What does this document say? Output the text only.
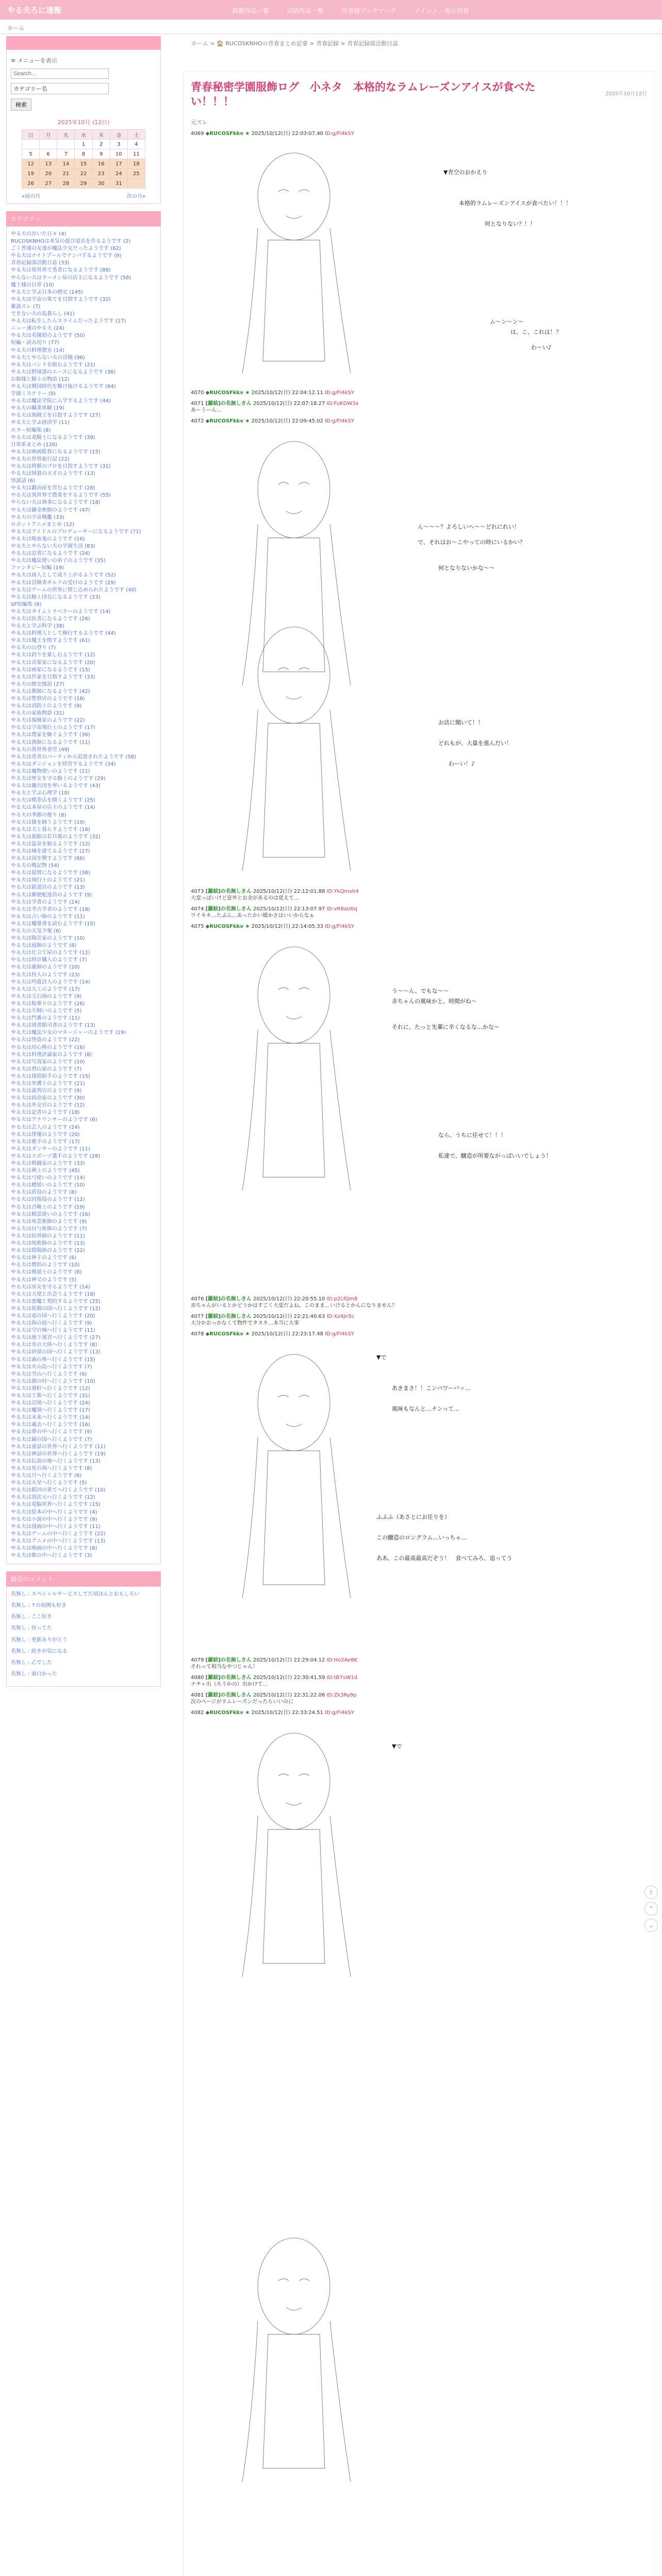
やる夫ろに速報	掲載作品一覧	完結作品一覧	作者様ブックマーク	アイコン・表示切替
ホーム

≡ メニューを表示
Search...
カテゴリー名
検索
2025年10月 (12日)
日	月	火	水	木	金	土
			1	2	3	4
5	6	7	8	9	10	11
12	13	14	15	16	17	18
19	20	21	22	23	24	25
26	27	28	29	30	31	
«前の月	次の月»
カテゴリー
やる夫の歩いた日々 (4)
RUCOSKNHOは本気の遊び道具を作るようです (2)
ごく普通の友達が魔法少女だったようです (62)
やる夫はナイトプールでナンパするようです (9)
青春記録部活動日誌 (33)
やる夫は異世界で勇者になるようです (88)
やらない夫はラーメン屋の店主になるようです (58)
魔王様の日常 (10)
やる夫と学ぶ日本の歴史 (145)
やる夫は宇宙の果てを目指すようです (32)
雑談スレ (7)
できない夫の島暮らし (41)
やる夫は転生したらスライムだったようです (17)
ニュー速のやる夫 (24)
やる夫は名探偵のようです (50)
短編・読み切り (77)
やる夫の料理教室 (14)
やる夫とやらない夫の冒険 (96)
やる夫はバンドを組むようです (21)
やる夫は野球部のエースになるようです (36)
お姫様と騎士の物語 (12)
やる夫は戦国時代を駆け抜けるようです (64)
学園ミステリー (9)
やる夫は魔法学院に入学するようです (44)
やる夫の職業体験 (19)
やる夫は海賊王を目指すようです (27)
やる夫と学ぶ経済学 (11)
ホラー短編集 (8)
やる夫は竜騎士になるようです (39)
日常系まとめ (120)
やる夫は映画監督になるようです (15)
やる夫の世界旅行記 (22)
やる夫は将棋のプロを目指すようです (31)
やる夫は囲碁の天才のようです (13)
怪談話 (6)
やる夫は鍛冶屋を営むようです (28)
やる夫は異世界で農業をするようです (55)
やらない夫は執事になるようです (18)
やる夫は錬金術師のようです (47)
やる夫の宇宙戦艦 (33)
ロボットアニメまとめ (12)
やる夫はアイドルのプロデューサーになるようです (71)
やる夫は吸血鬼のようです (16)
やる夫とやらない夫の学園生活 (83)
やる夫は忍者になるようです (24)
やる夫は魔法使いの弟子のようです (35)
ファンタジー短編 (19)
やる夫は商人として成り上がるようです (52)
やる夫は冒険者ギルドの受付のようです (29)
やる夫はゲームの世界に閉じ込められたようです (40)
やる夫は騎士団長になるようです (23)
SF短編集 (9)
やる夫はタイムトラベラーのようです (14)
やる夫は医者になるようです (26)
やる夫と学ぶ科学 (38)
やる夫は料理人として修行するようです (44)
やる夫は魔王を倒すようです (61)
やる夫の山登り (7)
やる夫は釣りを楽しむようです (12)
やる夫は音楽家になるようです (20)
やる夫は画家になるようです (15)
やる夫は作家を目指すようです (33)
やる夫の歴史探訪 (27)
やる夫は教師になるようです (42)
やる夫は警察官のようです (18)
やる夫は消防士のようです (9)
やる夫の家族物語 (31)
やる夫は探検家のようです (22)
やる夫は宇宙飛行士のようです (17)
やる夫は農家を継ぐようです (36)
やる夫は漁師になるようです (11)
やる夫の異世界食堂 (49)
やる夫は勇者のパーティから追放されたようです (58)
やる夫はダンジョンを経営するようです (34)
やる夫は魔物使いのようです (21)
やる夫は聖女を守る騎士のようです (29)
やる夫は傭兵団を率いるようです (43)
やる夫と学ぶ心理学 (10)
やる夫は喫茶店を開くようです (25)
やる夫は本屋の店主のようです (14)
やる夫の季節の便り (8)
やる夫は猫を飼うようです (19)
やる夫は犬と暮らすようです (16)
やる夫は旅館の若旦那のようです (32)
やる夫は温泉を掘るようです (12)
やる夫は城を建てるようです (27)
やる夫は国を興すようです (66)
やる夫の戦記物 (54)
やる夫は提督になるようです (38)
やる夫は飛行士のようです (21)
やる夫は鉄道員のようです (13)
やる夫は郵便配達員のようです (9)
やる夫は学者のようです (24)
やる夫は考古学者のようです (18)
やる夫は占い師のようです (11)
やる夫は魔導書を読むようです (15)
やる夫の天気予報 (6)
やる夫は陶芸家のようです (10)
やる夫は庭師のようです (8)
やる夫は仕立て屋のようです (12)
やる夫は時計職人のようです (7)
やる夫は薬師のようです (20)
やる夫は狩人のようです (23)
やる夫は吟遊詩人のようです (14)
やる夫は大工のようです (17)
やる夫は宝石商のようです (9)
やる夫は船乗りのようです (26)
やる夫は羊飼いのようです (5)
やる夫は門番のようです (11)
やる夫は図書館司書のようです (13)
やる夫は魔法少女のマネージャーのようです (19)
やる夫は怪盗のようです (22)
やる夫は用心棒のようです (16)
やる夫は料理評論家のようです (8)
やる夫は写真家のようです (10)
やる夫は登山家のようです (7)
やる夫は探偵助手のようです (15)
やる夫は弁護士のようです (21)
やる夫は裁判官のようです (9)
やる夫は政治家のようです (30)
やる夫は外交官のようです (12)
やる夫は記者のようです (18)
やる夫はアナウンサーのようです (6)
やる夫は芸人のようです (24)
やる夫は俳優のようです (20)
やる夫は歌手のようです (17)
やる夫はダンサーのようです (11)
やる夫はスポーツ選手のようです (28)
やる夫は格闘家のようです (33)
やる夫は剣士のようです (45)
やる夫は弓使いのようです (14)
やる夫は槍使いのようです (10)
やる夫は盾役のようです (8)
やる夫は回復役のようです (12)
やる夫は召喚士のようです (19)
やる夫は精霊使いのようです (16)
やる夫は死霊術師のようです (9)
やる夫は付与術師のようです (7)
やる夫は結界師のようです (11)
やる夫は呪術師のようです (13)
やる夫は陰陽師のようです (22)
やる夫は神主のようです (6)
やる夫は僧侶のようです (10)
やる夫は修道士のようです (8)
やる夫は神父のようです (5)
やる夫は巫女を守るようです (14)
やる夫は天使と出会うようです (18)
やる夫は悪魔と契約するようです (25)
やる夫は妖精の国へ行くようです (12)
やる夫は竜の国へ行くようです (20)
やる夫は海の底へ行くようです (9)
やる夫は空の城へ行くようです (11)
やる夫は地下迷宮へ行くようです (27)
やる夫は氷の大陸へ行くようです (8)
やる夫は砂漠の国へ行くようです (13)
やる夫は森の奥へ行くようです (15)
やる夫は火山島へ行くようです (7)
やる夫は雪山へ行くようです (6)
やる夫は湖の村へ行くようです (10)
やる夫は港町へ行くようです (12)
やる夫は王都へ行くようです (31)
やる夫は辺境へ行くようです (24)
やる夫は魔境へ行くようです (17)
やる夫は未来へ行くようです (14)
やる夫は過去へ行くようです (16)
やる夫は夢の中へ行くようです (9)
やる夫は鏡の国へ行くようです (7)
やる夫は童話の世界へ行くようです (11)
やる夫は神話の世界へ行くようです (19)
やる夫は伝説の地へ行くようです (13)
やる夫は星の海へ行くようです (8)
やる夫は月へ行くようです (6)
やる夫は火星へ行くようです (5)
やる夫は銀河の果てへ行くようです (10)
やる夫は別次元へ行くようです (12)
やる夫は電脳世界へ行くようです (15)
やる夫は絵本の中へ行くようです (4)
やる夫は小説の中へ行くようです (9)
やる夫は漫画の中へ行くようです (11)
やる夫はゲームの中へ行くようです (22)
やる夫はアニメの中へ行くようです (13)
やる夫は映画の中へ行くようです (8)
やる夫は歌の中へ行くようです (3)
最近のコメント
名無し : スペシャルサービスしてた頃ほんとおもしろい
名無し : ↑の展開も好き
名無し : ここ好き
名無し : 待ってた
名無し : 更新ありがとう
名無し : 続きが気になる
名無し : 乙でした
名無し : 面白かった
ホーム > 🏠 RUCOSKNHOの青春まとめ記事 > 青春記録 > 青春記録部活動日誌
青春秘密学園服飾ログ　小ネタ　本格的なラムレーズンアイスが食べたい！！！
2025年10月12日
元スレ
4069 ◆RUCOSFkkv ★ 2025/10/12(日) 22:03:07.40 ID:g/FI4kSY
▼青空のおかえり
本格的ラムレーズンアイスが食べたい！！！
何となりない？！！
ム〜ン〜ン〜
は、こ、これは！？
わ〜い♪
4070 ◆RUCOSFkkv ★ 2025/10/12(日) 22:04:12.11 ID:g/FI4kSY
4071 [羅絵]の名無しさん 2025/10/12(日) 22:07:18.27 ID:FuKDW3x
あーうーん…
4072 ◆RUCOSFkkv ★ 2025/10/12(日) 22:09:45.02 ID:g/FI4kSY
ん〜〜〜？よろしいへ〜〜どれにれい！
で、それはお〜こやっての時にいるかい？
何となりないかな〜〜
お店に聞いて！！
どれもが、大量を進んだい！
わーい！♪
4073 [羅絵]の名無しさん 2025/10/12(日) 22:12:01.88 ID:YkQmxh4
大変っぽいけど意外とお金があるのは覚えて…
4074 [羅絵]の名無しさん 2025/10/12(日) 22:13:07.97 ID:vR8aU0q
ワイキキ…たぶん…あったかい暖かさはいいからなぁ
4075 ◆RUCOSFkkv ★ 2025/10/12(日) 22:14:05.33 ID:g/FI4kSY
う〜〜ん、でもな〜〜
赤ちゃんの風味かと、時間がね〜
それに、たっと先輩に辛くなるな…かな〜
なら、うちに任せて！！！
私達で、醸造が所要ながっぱいいでしょう！
4076 [羅絵]の名無しさん 2025/10/12(日) 22:20:55.10 ID:p2LfQm8
赤ちゃんがいるとかどうかはすごく大変だよね。このまま…いけるとかんになりません？
4077 [羅絵]の名無しさん 2025/10/12(日) 22:21:40.63 ID:Xz4Jn5c
大分かおっかなくて物件でタヌキ…本当に大事
4078 ◆RUCOSFkkv ★ 2025/10/12(日) 22:23:17.48 ID:g/FI4kSY
▼で
あきまさ！！こンパワーバッ…
風味もなんと…ナンって…
ふふふ（あさとにお任りを）
この醸造のロングラム…いっちゃ…
ああ、この最高最高だぞう！　食べてみろ、追ってう
4079 [羅絵]の名無しさん 2025/10/12(日) 22:29:04.12 ID:Ho2Ae8K
それって相当なやつじゃん！
4080 [羅絵]の名無しさん 2025/10/12(日) 22:30:41.59 ID:tB7vW1d
ナチャ出（ろうかの）出かけて…
4081 [羅絵]の名無しさん 2025/10/12(日) 22:31:22.06 ID:Zk3Ry9p
次のページがラムレーズンだったらいいのに
4082 ◆RUCOSFkkv ★ 2025/10/12(日) 22:33:24.51 ID:g/FI4kSY
▼で
⇪
⌃
⌄
